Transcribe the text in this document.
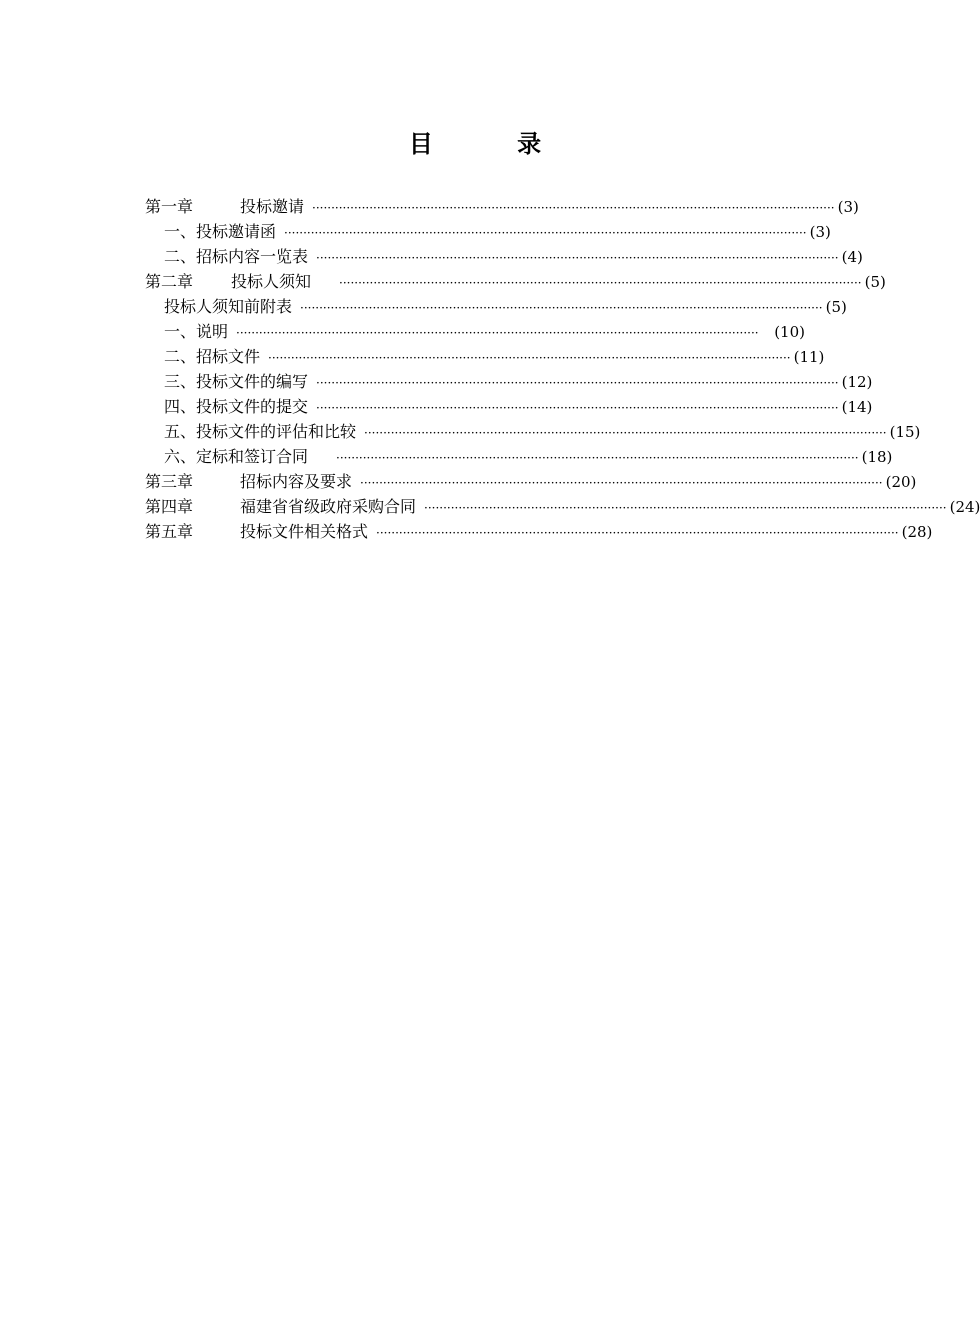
目 录
第一章	投标邀请 ········································································································································· (3)
一、投标邀请函 ········································································································································· (3)
二、招标内容一览表 ········································································································································· (4)
第二章	投标人须知 ········································································································································· (5)
投标人须知前附表 ········································································································································· (5)
一、说明 ·········································································································································	(10)
二、招标文件 ········································································································································· (11)
三、投标文件的编写 ········································································································································· (12)
四、投标文件的提交 ········································································································································· (14)
五、投标文件的评估和比较 ········································································································································· (15)
六、定标和签订合同 ········································································································································· (18)
第三章	招标内容及要求 ········································································································································· (20)
第四章	福建省省级政府采购合同 ········································································································································· (24)
第五章	投标文件相关格式 ········································································································································· (28)
